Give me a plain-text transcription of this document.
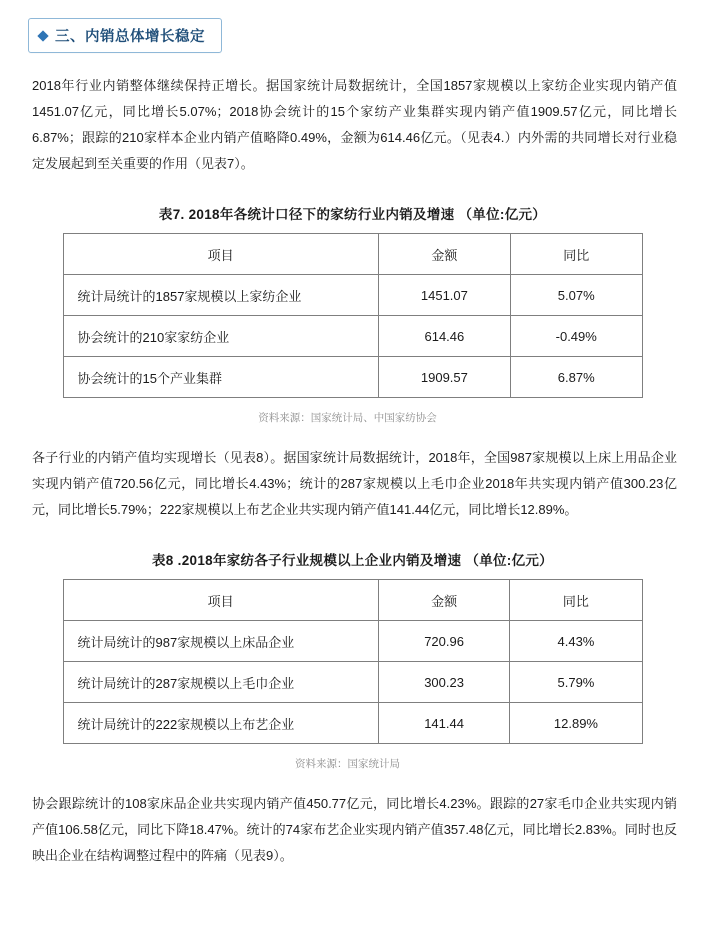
三、内销总体增长稳定

2018年行业内销整体继续保持正增长。据国家统计局数据统计，全国1857家规模以上家纺企业实现内销产值1451.07亿元，同比增长5.07%；2018协会统计的15个家纺产业集群实现内销产值1909.57亿元，同比增长6.87%；跟踪的210家样本企业内销产值略降0.49%，金额为614.46亿元。（见表4.）内外需的共同增长对行业稳定发展起到至关重要的作用（见表7）。

表7. 2018年各统计口径下的家纺行业内销及增速 （单位:亿元）
项目	金额	同比
统计局统计的1857家规模以上家纺企业	1451.07	5.07%
协会统计的210家家纺企业	614.46	-0.49%
协会统计的15个产业集群	1909.57	6.87%
资料来源：国家统计局、中国家纺协会

各子行业的内销产值均实现增长（见表8）。据国家统计局数据统计，2018年，全国987家规模以上床上用品企业实现内销产值720.56亿元，同比增长4.43%；统计的287家规模以上毛巾企业2018年共实现内销产值300.23亿元，同比增长5.79%；222家规模以上布艺企业共实现内销产值141.44亿元，同比增长12.89%。

表8 .2018年家纺各子行业规模以上企业内销及增速 （单位:亿元）
项目	金额	同比
统计局统计的987家规模以上床品企业	720.96	4.43%
统计局统计的287家规模以上毛巾企业	300.23	5.79%
统计局统计的222家规模以上布艺企业	141.44	12.89%
资料来源：国家统计局

协会跟踪统计的108家床品企业共实现内销产值450.77亿元，同比增长4.23%。跟踪的27家毛巾企业共实现内销产值106.58亿元，同比下降18.47%。统计的74家布艺企业实现内销产值357.48亿元，同比增长2.83%。同时也反映出企业在结构调整过程中的阵痛（见表9）。
